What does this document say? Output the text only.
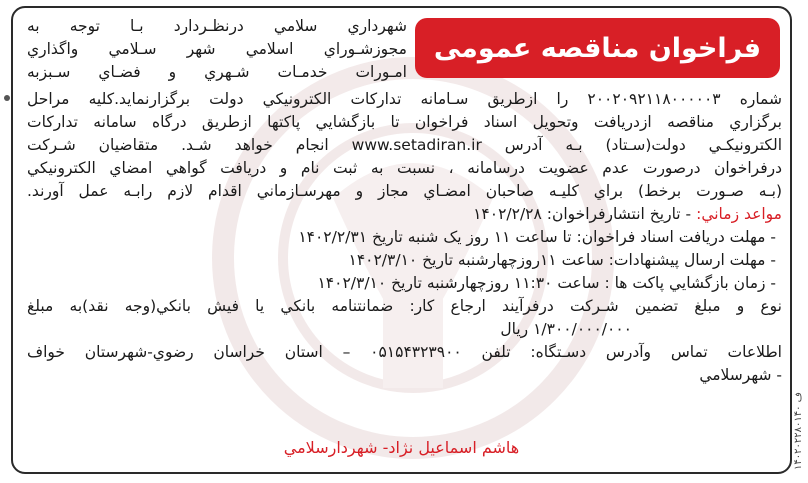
فراخوان مناقصه عمومی
شهرداري سلامي درنظـردارد بـا توجه به
مجوزشـوراي اسلامي شهر سـلامي واگذاري
امـورات خدمـات شـهري و فضـاي سـبزبه
شماره ۲۰۰۲۰۹۲۱۱۸۰۰۰۰۰۳ را ازطريق سـامانه تداركات الكترونيكي دولت برگزارنمايد.كليه مراحل
برگزاري مناقصه ازدريافت وتحويل اسناد فراخوان تا بازگشايي پاكتها ازطريق درگاه سامانه تداركات
الكترونيكـي دولت(سـتاد) بـه آدرس www.setadiran.ir انجام خواهد شـد. متقاضيان شـركت
درفراخوان درصورت عدم عضويت درسامانه ، نسبت به ثبت نام و دريافت گواهي امضاي الكترونيكي
(بـه صـورت برخط) براي كليـه صاحبان امضـاي مجاز و مهرسـازماني اقدام لازم رابـه عمل آورند.
مواعد زماني: - تاريخ انتشارفراخوان: ۱۴۰۲/۲/۲۸
- مهلت دريافت اسناد فراخوان: تا ساعت ۱۱ روز يک شنبه تاريخ ۱۴۰۲/۲/۳۱
- مهلت ارسال پيشنهادات: ساعت ۱۱روزچهارشنبه تاريخ ۱۴۰۲/۳/۱۰
- زمان بازگشايي پاكت ها : ساعت ۱۱:۳۰ روزچهارشنبه تاريخ ۱۴۰۲/۳/۱۰
نوع و مبلغ تضمين شـركت درفرآيند ارجاع كار: ضمانتنامه بانكي يا فيش بانكي(وجه نقد)به مبلغ
۱/۳۰۰/۰۰۰/۰۰۰ ريال
اطلاعات تماس وآدرس دسـتگاه: تلفن ۰۵۱۵۴۳۲۳۹۰۰ – استان خراسان رضوي-شهرستان خواف
- شهرسلامي
هاشم اسماعيل نژاد- شهردارسلامي	۱۴۰۲۰۲۲۸۰۱۴۰ ف
